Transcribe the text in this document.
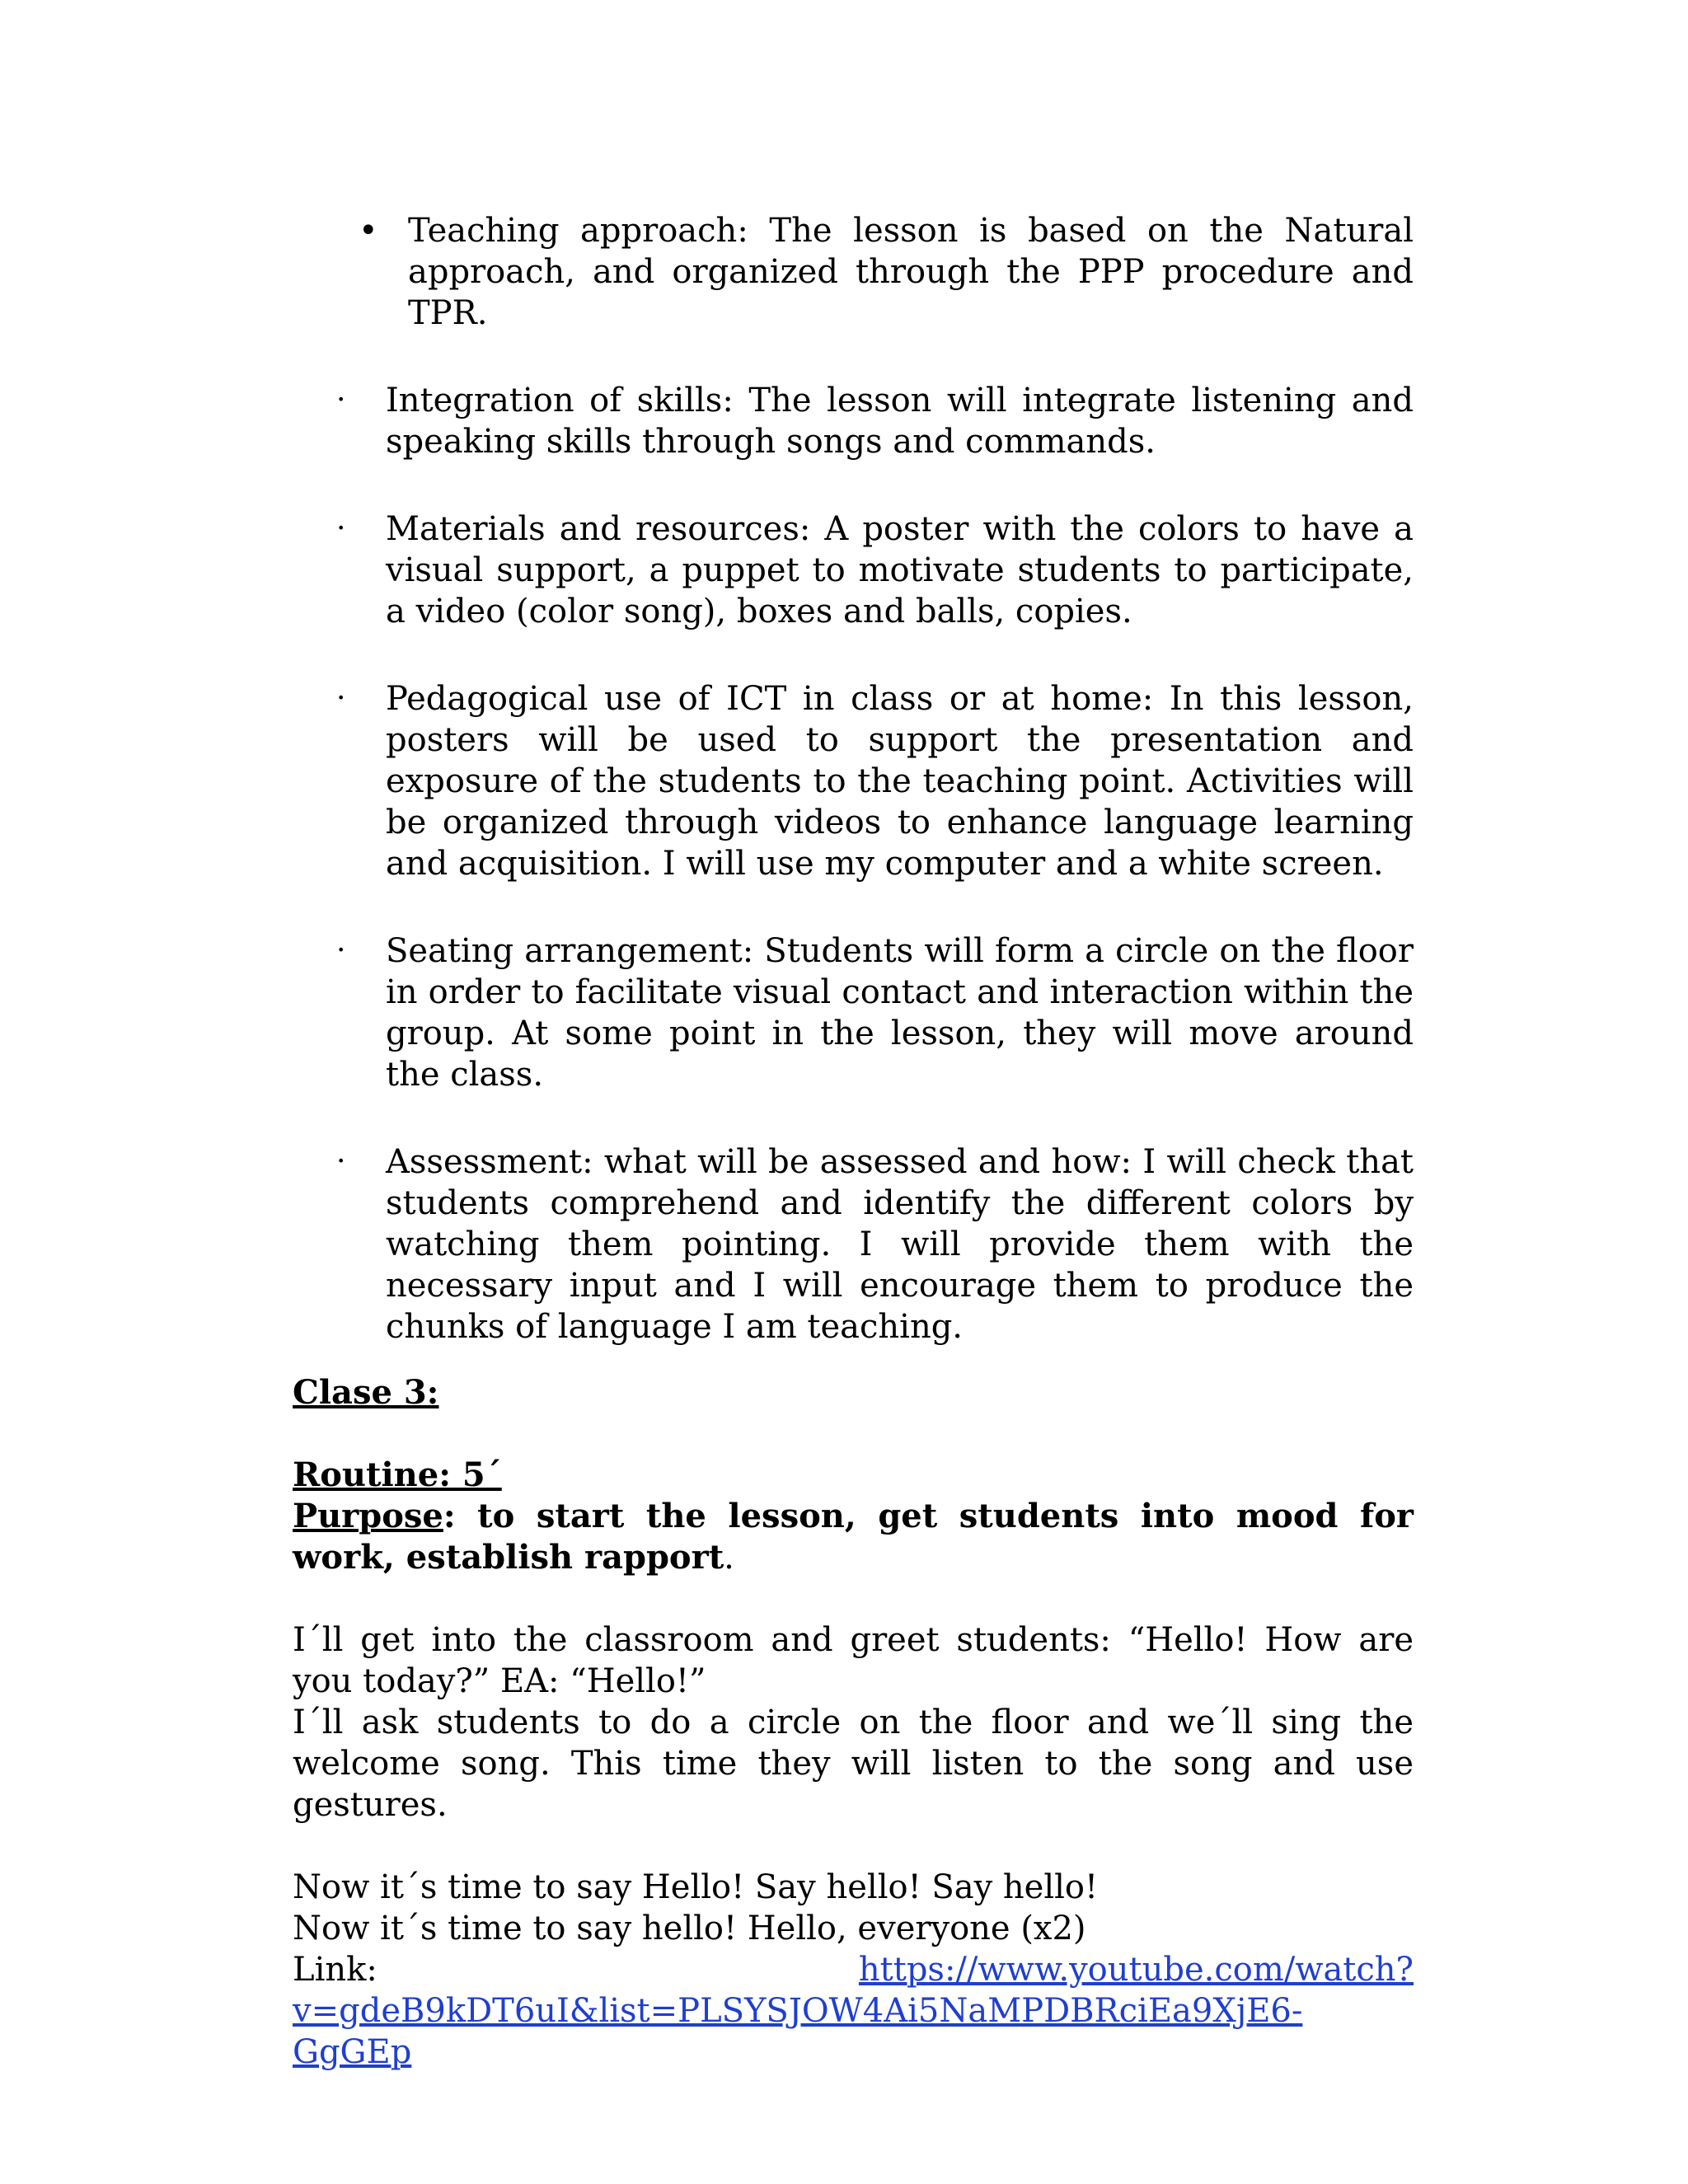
• Teaching approach: The lesson is based on the Natural approach, and organized through the PPP procedure and TPR.
· Integration of skills: The lesson will integrate listening and speaking skills through songs and commands.
· Materials and resources: A poster with the colors to have a visual support, a puppet to motivate students to participate, a video (color song), boxes and balls, copies.
· Pedagogical use of ICT in class or at home: In this lesson, posters will be used to support the presentation and exposure of the students to the teaching point. Activities will be organized through videos to enhance language learning and acquisition. I will use my computer and a white screen.
· Seating arrangement: Students will form a circle on the floor in order to facilitate visual contact and interaction within the group. At some point in the lesson, they will move around the class.
· Assessment: what will be assessed and how: I will check that students comprehend and identify the different colors by watching them pointing. I will provide them with the necessary input and I will encourage them to produce the chunks of language I am teaching.
Clase 3:
Routine: 5´
Purpose: to start the lesson, get students into mood for work, establish rapport.
I´ll get into the classroom and greet students: “Hello! How are you today?” EA: “Hello!”
I´ll ask students to do a circle on the floor and we´ll sing the welcome song. This time they will listen to the song and use gestures.
Now it´s time to say Hello! Say hello! Say hello!
Now it´s time to say hello! Hello, everyone (x2)
Link:	https://www.youtube.com/watch?
v=gdeB9kDT6uI&list=PLSYSJOW4Ai5NaMPDBRciEa9XjE6-GgGEp
